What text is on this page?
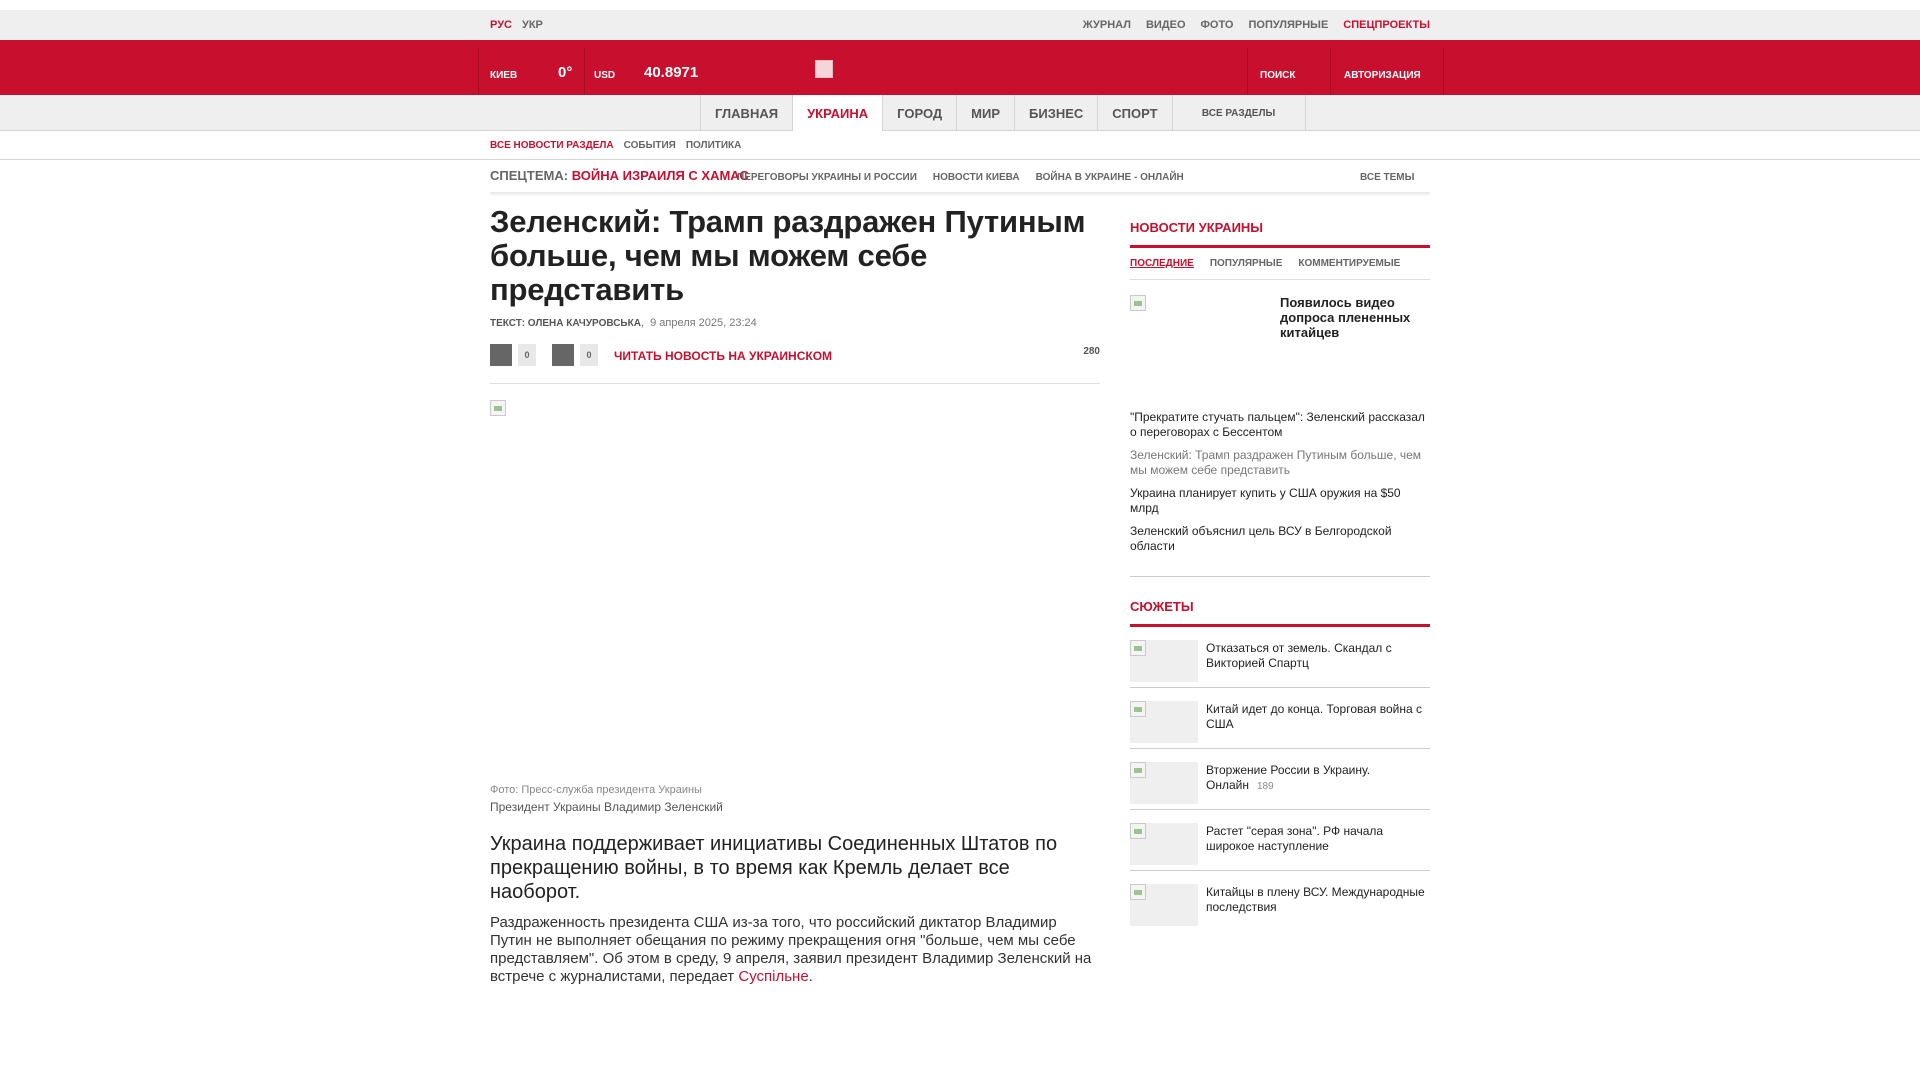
РУС УКР	ЖУРНАЛ ВИДЕО ФОТО ПОПУЛЯРНЫЕ СПЕЦПРОЕКТЫ
КИЕВ	0° USD 40.8971	ПОИСК	АВТОРИЗАЦИЯ
ГЛАВНАЯ	УКРАИНА	ГОРОД	МИР	БИЗНЕС	СПОРТ	ВСЕ РАЗДЕЛЫ
ВСЕ НОВОСТИ РАЗДЕЛА СОБЫТИЯ ПОЛИТИКА
СПЕЦТЕМА: ВОЙНА ИЗРАИЛЯ С ХАМАС
ПЕРЕГОВОРЫ УКРАИНЫ И РОССИИ НОВОСТИ КИЕВА ВОЙНА В УКРАИНЕ - ОНЛАЙН	ВСЕ ТЕМЫ
Зеленский: Трамп раздражен Путиным больше, чем мы можем себе представить
ТЕКСТ: ОЛЕНА КАЧУРОВСЬКА,  9 апреля 2025, 23:24
0	0	ЧИТАТЬ НОВОСТЬ НА УКРАИНСКОМ	280
Фото: Пресс-служба президента Украины
Президент Украины Владимир Зеленский
Украина поддерживает инициативы Соединенных Штатов по прекращению войны, в то время как Кремль делает все наоборот.
Раздраженность президента США из-за того, что российский диктатор Владимир Путин не выполняет обещания по режиму прекращения огня "больше, чем мы себе представляем". Об этом в среду, 9 апреля, заявил президент Владимир Зеленский на встрече с журналистами, передает Суспільне.
НОВОСТИ УКРАИНЫ
ПОСЛЕДНИЕ ПОПУЛЯРНЫЕ КОММЕНТИРУЕМЫЕ
Появилось видео допроса плененных китайцев
"Прекратите стучать пальцем": Зеленский рассказал о переговорах с Бессентом
Зеленский: Трамп раздражен Путиным больше, чем мы можем себе представить
Украина планирует купить у США оружия на $50 млрд
Зеленский объяснил цель ВСУ в Белгородской области
СЮЖЕТЫ
Отказаться от земель. Скандал с Викторией Спартц
Китай идет до конца. Торговая война с США
Вторжение России в Украину. Онлайн 189
Растет "серая зона". РФ начала широкое наступление
Китайцы в плену ВСУ. Международные последствия
